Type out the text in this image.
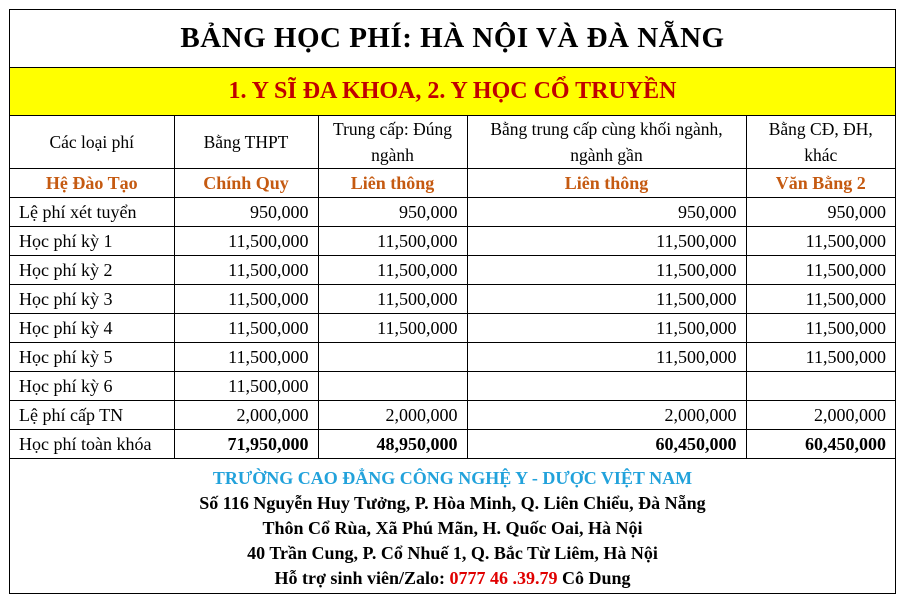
BẢNG HỌC PHÍ: HÀ NỘI VÀ ĐÀ NẴNG
1. Y SĨ ĐA KHOA, 2. Y HỌC CỔ TRUYỀN
Các loại phí	Bằng THPT	Trung cấp: Đúng ngành	Bằng trung cấp cùng khối ngành, ngành gần	Bằng CĐ, ĐH, khác
Hệ Đào Tạo	Chính Quy	Liên thông	Liên thông	Văn Bằng 2
Lệ phí xét tuyển	950,000	950,000	950,000	950,000
Học phí kỳ 1	11,500,000	11,500,000	11,500,000	11,500,000
Học phí kỳ 2	11,500,000	11,500,000	11,500,000	11,500,000
Học phí kỳ 3	11,500,000	11,500,000	11,500,000	11,500,000
Học phí kỳ 4	11,500,000	11,500,000	11,500,000	11,500,000
Học phí kỳ 5	11,500,000		11,500,000	11,500,000
Học phí kỳ 6	11,500,000			
Lệ phí cấp TN	2,000,000	2,000,000	2,000,000	2,000,000
Học phí toàn khóa	71,950,000	48,950,000	60,450,000	60,450,000
TRƯỜNG CAO ĐẲNG CÔNG NGHỆ Y - DƯỢC VIỆT NAM
Số 116 Nguyễn Huy Tưởng, P. Hòa Minh, Q. Liên Chiểu, Đà Nẵng
Thôn Cổ Rùa, Xã Phú Mãn, H. Quốc Oai, Hà Nội
40 Trần Cung, P. Cổ Nhuế 1, Q. Bắc Từ Liêm, Hà Nội
Hỗ trợ sinh viên/Zalo: 0777 46 .39.79 Cô Dung
